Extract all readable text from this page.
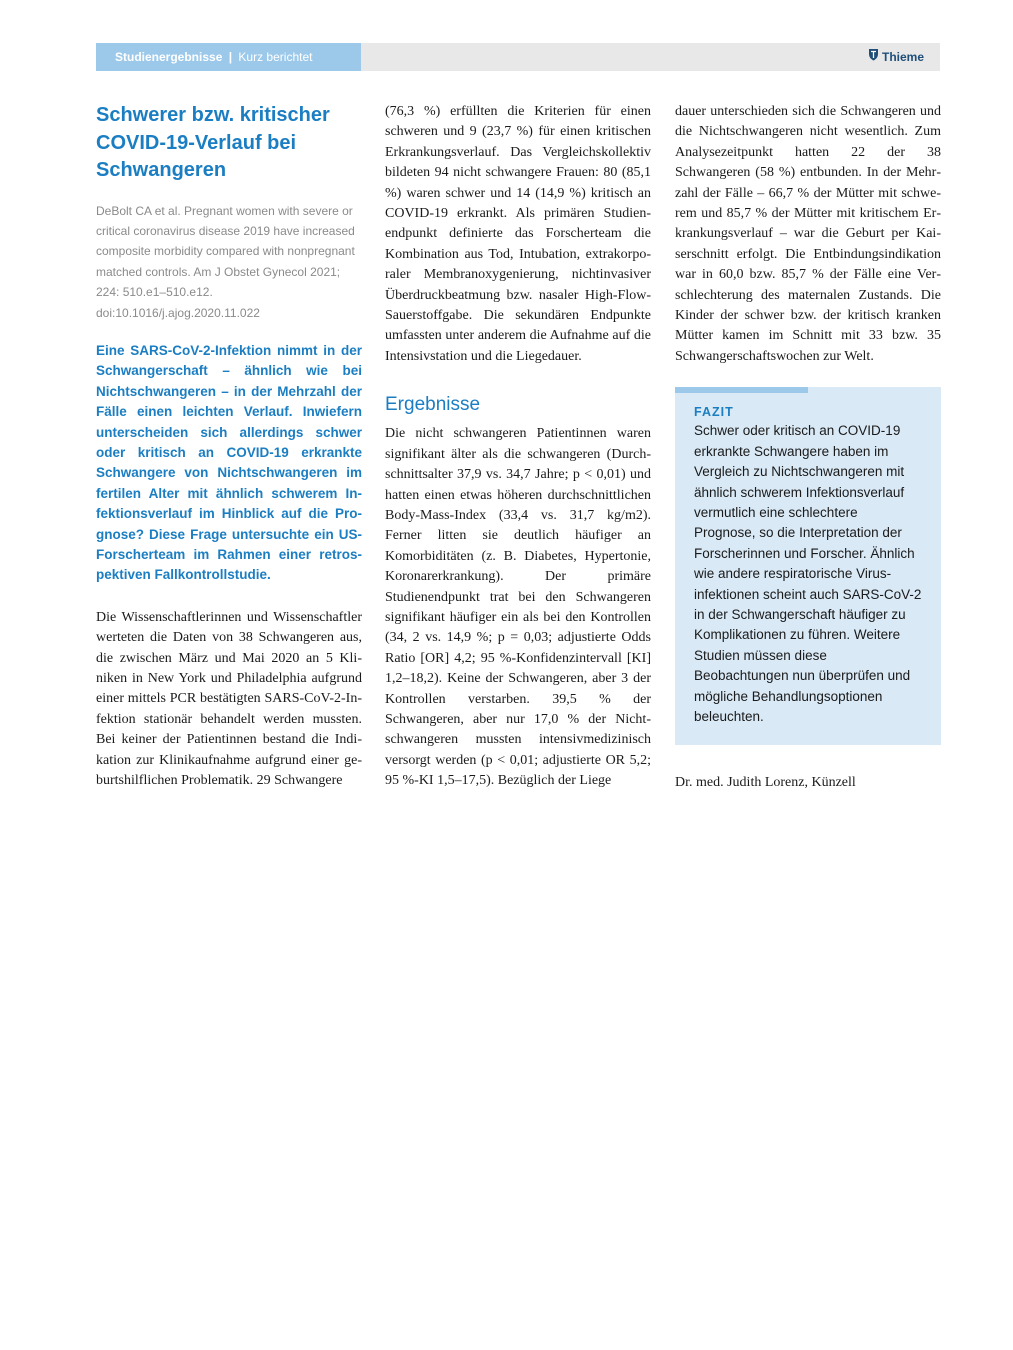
Studienergebnisse | Kurz berichtet	Thieme
Schwerer bzw. kritischer COVID-19-Verlauf bei Schwangeren

DeBolt CA et al. Pregnant women with severe or critical coronavirus disease 2019 have increased composite morbidity compared with nonpregnant matched controls. Am J Obstet Gynecol 2021; 224: 510.e1–510.e12. doi:10.1016/j.ajog.2020.11.022

Eine SARS-CoV-2-Infektion nimmt in der Schwangerschaft – ähnlich wie bei Nichtschwangeren – in der Mehrzahl der Fälle einen leichten Verlauf. Inwiefern unterscheiden sich allerdings schwer oder kritisch an COVID-19 erkrankte Schwangere von Nichtschwangeren im fertilen Alter mit ähnlich schwerem Infektionsverlauf im Hinblick auf die Prognose? Diese Frage untersuchte ein US-Forscherteam im Rahmen einer retrospektiven Fallkontrollstudie.

Die Wissenschaftlerinnen und Wissenschaftler werteten die Daten von 38 Schwangeren aus, die zwischen März und Mai 2020 an 5 Kliniken in New York und Philadelphia aufgrund einer mittels PCR bestätigten SARS-CoV-2-Infektion stationär behandelt werden mussten. Bei keiner der Patientinnen bestand die Indikation zur Klinikaufnahme aufgrund einer geburtshilflichen Problematik. 29 Schwangere

(76,3 %) erfüllten die Kriterien für einen schweren und 9 (23,7 %) für einen kritischen Erkrankungsverlauf. Das Vergleichskollektiv bildeten 94 nicht schwangere Frauen: 80 (85,1 %) waren schwer und 14 (14,9 %) kritisch an COVID-19 erkrankt. Als primären Studienendpunkt definierte das Forscherteam die Kombination aus Tod, Intubation, extrakorporaler Membranoxygenierung, nichtinvasiver Überdruckbeatmung bzw. nasaler High-Flow-Sauerstoffgabe. Die sekundären Endpunkte umfassten unter anderem die Aufnahme auf die Intensivstation und die Liegedauer.

Ergebnisse

Die nicht schwangeren Patientinnen waren signifikant älter als die schwangeren (Durchschnittsalter 37,9 vs. 34,7 Jahre; p < 0,01) und hatten einen etwas höheren durchschnittlichen Body-Mass-Index (33,4 vs. 31,7 kg/m2). Ferner litten sie deutlich häufiger an Komorbiditäten (z. B. Diabetes, Hypertonie, Koronarerkrankung). Der primäre Studienendpunkt trat bei den Schwangeren signifikant häufiger ein als bei den Kontrollen (34, 2 vs. 14,9 %; p = 0,03; adjustierte Odds Ratio [OR] 4,2; 95 %-Konfidenzintervall [KI] 1,2–18,2). Keine der Schwangeren, aber 3 der Kontrollen verstarben. 39,5 % der Schwangeren, aber nur 17,0 % der Nichtschwangeren mussten intensivmedizinisch versorgt werden (p < 0,01; adjustierte OR 5,2; 95 %-KI 1,5–17,5). Bezüglich der Liege

dauer unterschieden sich die Schwangeren und die Nichtschwangeren nicht wesentlich. Zum Analysezeitpunkt hatten 22 der 38 Schwangeren (58 %) entbunden. In der Mehrzahl der Fälle – 66,7 % der Mütter mit schwerem und 85,7 % der Mütter mit kritischem Erkrankungsverlauf – war die Geburt per Kaiserschnitt erfolgt. Die Entbindungsindikation war in 60,0 bzw. 85,7 % der Fälle eine Verschlechterung des maternalen Zustands. Die Kinder der schwer bzw. der kritisch kranken Mütter kamen im Schnitt mit 33 bzw. 35 Schwangerschaftswochen zur Welt.

FAZIT

Schwer oder kritisch an COVID-19 erkrankte Schwangere haben im Vergleich zu Nichtschwangeren mit ähnlich schwerem Infektionsverlauf vermutlich eine schlechtere Prognose, so die Interpretation der Forscherinnen und Forscher. Ähnlich wie andere respiratorische Virusinfektionen scheint auch SARS-CoV-2 in der Schwangerschaft häufiger zu Komplikationen zu führen. Weitere Studien müssen diese Beobachtungen nun überprüfen und mögliche Behandlungsoptionen beleuchten.

Dr. med. Judith Lorenz, Künzell
